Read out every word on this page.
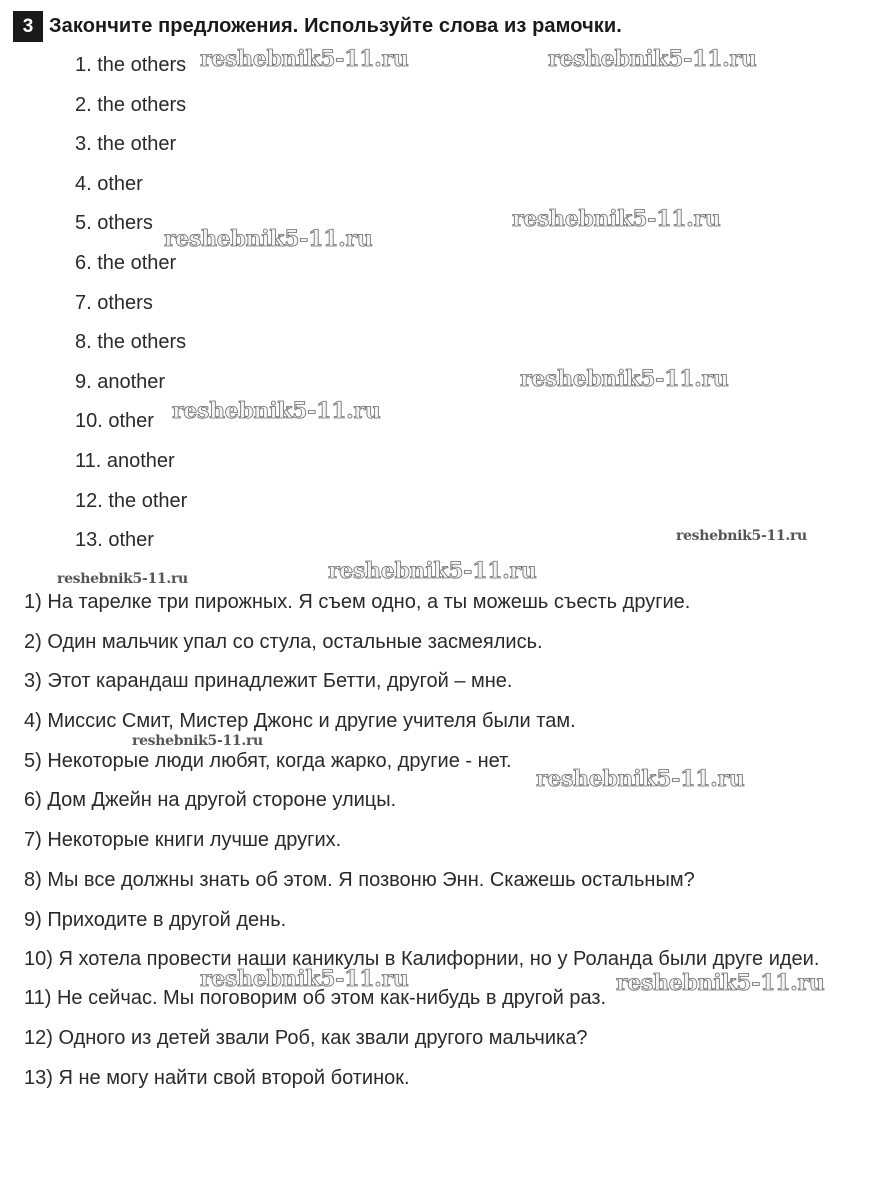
3 Закончите предложения. Используйте слова из рамочки.
1. the others
2. the others
3. the other
4. other
5. others
6. the other
7. others
8. the others
9. another
10. other
11. another
12. the other
13. other
1) На тарелке три пирожных. Я съем одно, а ты можешь съесть другие.
2) Один мальчик упал со стула, остальные засмеялись.
3) Этот карандаш принадлежит Бетти, другой – мне.
4) Миссис Смит, Мистер Джонс и другие учителя были там.
5) Некоторые люди любят, когда жарко, другие - нет.
6) Дом Джейн на другой стороне улицы.
7) Некоторые книги лучше других.
8) Мы все должны знать об этом. Я позвоню Энн. Скажешь остальным?
9) Приходите в другой день.
10) Я хотела провести наши каникулы в Калифорнии, но у Роланда были друге идеи.
11) Не сейчас. Мы поговорим об этом как-нибудь в другой раз.
12) Одного из детей звали Роб, как звали другого мальчика?
13) Я не могу найти свой второй ботинок.
reshebnik5-11.ru	reshebnik5-11.ru
reshebnik5-11.ru
reshebnik5-11.ru
reshebnik5-11.ru
reshebnik5-11.ru
reshebnik5-11.ru
reshebnik5-11.ru
reshebnik5-11.ru
reshebnik5-11.ru
reshebnik5-11.ru
reshebnik5-11.ru	reshebnik5-11.ru
